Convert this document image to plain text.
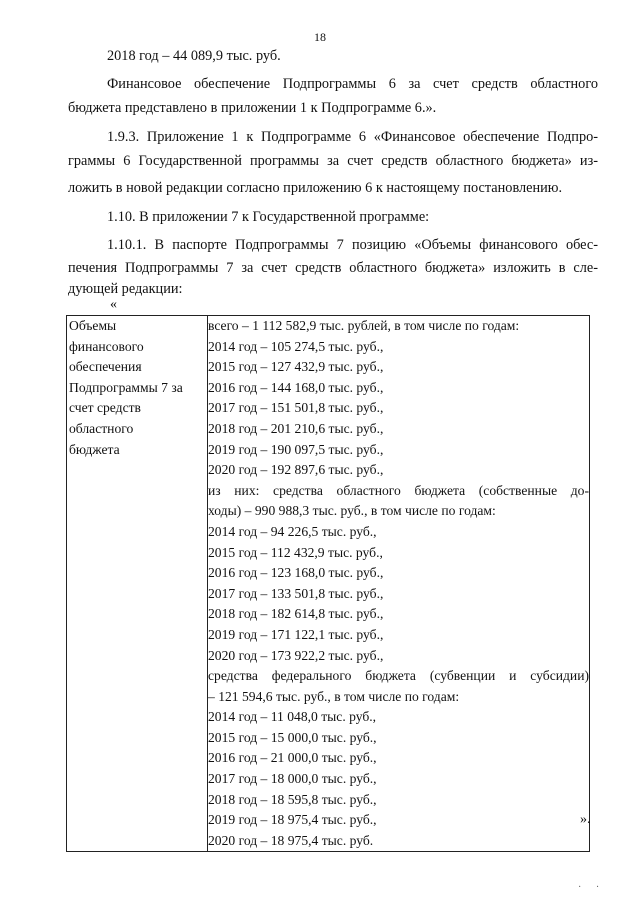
18
2018 год – 44 089,9 тыс. руб.
Финансовое обеспечение Подпрограммы 6 за счет средств областного
бюджета представлено в приложении 1 к Подпрограмме 6.».
1.9.3. Приложение 1 к Подпрограмме 6 «Финансовое обеспечение Подпро-
граммы 6 Государственной программы за счет средств областного бюджета» из-
ложить в новой редакции согласно приложению 6 к настоящему постановлению.
1.10. В приложении 7 к Государственной программе:
1.10.1. В паспорте Подпрограммы 7 позицию «Объемы финансового обес-
печения Подпрограммы 7 за счет средств областного бюджета» изложить в сле-
дующей редакции:
«
Объемы
финансового
обеспечения
Подпрограммы 7 за
счет средств
областного
бюджета

всего – 1 112 582,9 тыс. рублей, в том числе по годам:
2014 год – 105 274,5 тыс. руб.,
2015 год – 127 432,9 тыс. руб.,
2016 год – 144 168,0 тыс. руб.,
2017 год – 151 501,8 тыс. руб.,
2018 год – 201 210,6 тыс. руб.,
2019 год – 190 097,5 тыс. руб.,
2020 год – 192 897,6 тыс. руб.,
из них: средства областного бюджета (собственные до-
ходы) – 990 988,3 тыс. руб., в том числе по годам:
2014 год – 94 226,5 тыс. руб.,
2015 год – 112 432,9 тыс. руб.,
2016 год – 123 168,0 тыс. руб.,
2017 год – 133 501,8 тыс. руб.,
2018 год – 182 614,8 тыс. руб.,
2019 год – 171 122,1 тыс. руб.,
2020 год – 173 922,2 тыс. руб.,
средства федерального бюджета (субвенции и субсидии)
– 121 594,6 тыс. руб., в том числе по годам:
2014 год – 11 048,0 тыс. руб.,
2015 год – 15 000,0 тыс. руб.,
2016 год – 21 000,0 тыс. руб.,
2017 год – 18 000,0 тыс. руб.,
2018 год – 18 595,8 тыс. руб.,
2019 год – 18 975,4 тыс. руб.,
2020 год – 18 975,4 тыс. руб.
».
· ·
